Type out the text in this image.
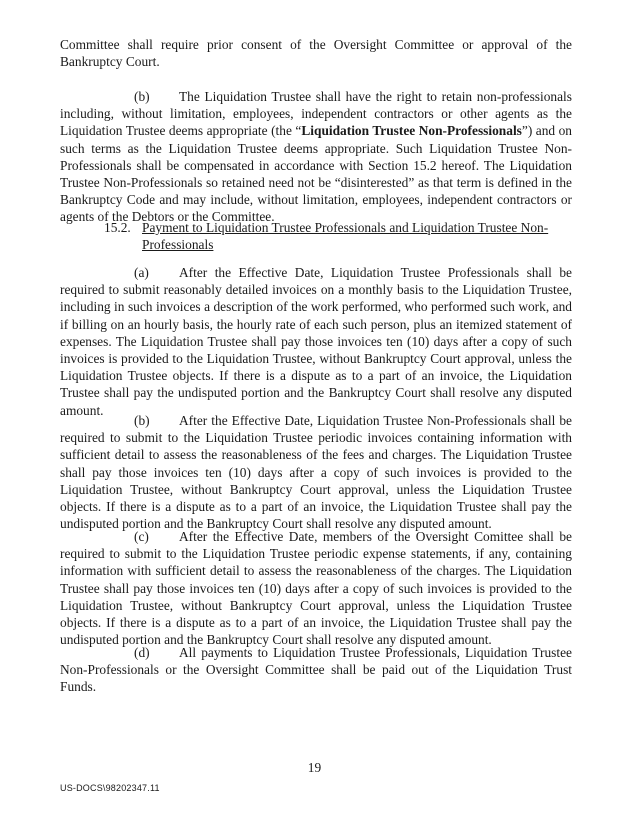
Committee shall require prior consent of the Oversight Committee or approval of the Bankruptcy Court.

(b) The Liquidation Trustee shall have the right to retain non-professionals including, without limitation, employees, independent contractors or other agents as the Liquidation Trustee deems appropriate (the “Liquidation Trustee Non-Professionals”) and on such terms as the Liquidation Trustee deems appropriate. Such Liquidation Trustee Non-Professionals shall be compensated in accordance with Section 15.2 hereof. The Liquidation Trustee Non-Professionals so retained need not be “disinterested” as that term is defined in the Bankruptcy Code and may include, without limitation, employees, independent contractors or agents of the Debtors or the Committee.

15.2. Payment to Liquidation Trustee Professionals and Liquidation Trustee Non-
Professionals

(a) After the Effective Date, Liquidation Trustee Professionals shall be required to submit reasonably detailed invoices on a monthly basis to the Liquidation Trustee, including in such invoices a description of the work performed, who performed such work, and if billing on an hourly basis, the hourly rate of each such person, plus an itemized statement of expenses. The Liquidation Trustee shall pay those invoices ten (10) days after a copy of such invoices is provided to the Liquidation Trustee, without Bankruptcy Court approval, unless the Liquidation Trustee objects. If there is a dispute as to a part of an invoice, the Liquidation Trustee shall pay the undisputed portion and the Bankruptcy Court shall resolve any disputed amount.

(b) After the Effective Date, Liquidation Trustee Non-Professionals shall be required to submit to the Liquidation Trustee periodic invoices containing information with sufficient detail to assess the reasonableness of the fees and charges. The Liquidation Trustee shall pay those invoices ten (10) days after a copy of such invoices is provided to the Liquidation Trustee, without Bankruptcy Court approval, unless the Liquidation Trustee objects. If there is a dispute as to a part of an invoice, the Liquidation Trustee shall pay the undisputed portion and the Bankruptcy Court shall resolve any disputed amount.

(c) After the Effective Date, members of the Oversight Comittee shall be required to submit to the Liquidation Trustee periodic expense statements, if any, containing information with sufficient detail to assess the reasonableness of the charges. The Liquidation Trustee shall pay those invoices ten (10) days after a copy of such invoices is provided to the Liquidation Trustee, without Bankruptcy Court approval, unless the Liquidation Trustee objects. If there is a dispute as to a part of an invoice, the Liquidation Trustee shall pay the undisputed portion and the Bankruptcy Court shall resolve any disputed amount.

(d) All payments to Liquidation Trustee Professionals, Liquidation Trustee Non-Professionals or the Oversight Committee shall be paid out of the Liquidation Trust Funds.

19
US-DOCS\98202347.11
